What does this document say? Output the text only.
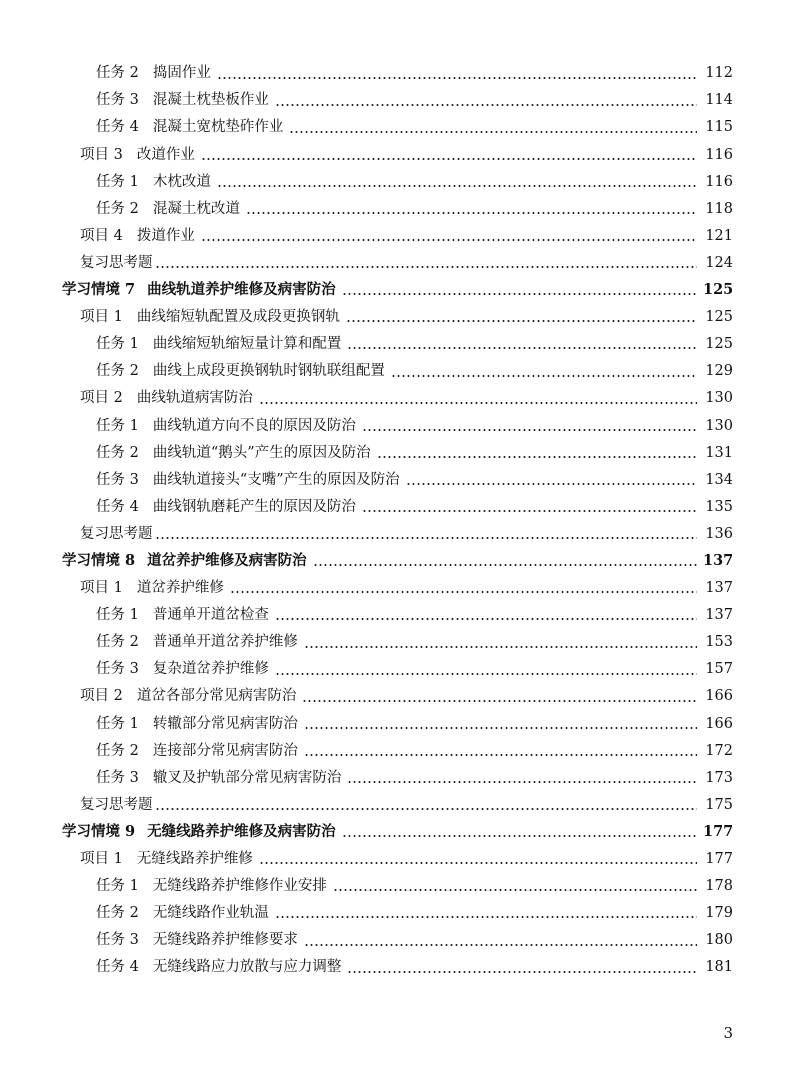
任务 2 捣固作业	112
任务 3 混凝土枕垫板作业	114
任务 4 混凝土宽枕垫砟作业	115
项目 3 改道作业	116
任务 1 木枕改道	116
任务 2 混凝土枕改道	118
项目 4 拨道作业	121
复习思考题	124
学习情境 7 曲线轨道养护维修及病害防治	125
项目 1 曲线缩短轨配置及成段更换钢轨	125
任务 1 曲线缩短轨缩短量计算和配置	125
任务 2 曲线上成段更换钢轨时钢轨联组配置	129
项目 2 曲线轨道病害防治	130
任务 1 曲线轨道方向不良的原因及防治	130
任务 2 曲线轨道“鹅头”产生的原因及防治	131
任务 3 曲线轨道接头“支嘴”产生的原因及防治	134
任务 4 曲线钢轨磨耗产生的原因及防治	135
复习思考题	136
学习情境 8 道岔养护维修及病害防治	137
项目 1 道岔养护维修	137
任务 1 普通单开道岔检查	137
任务 2 普通单开道岔养护维修	153
任务 3 复杂道岔养护维修	157
项目 2 道岔各部分常见病害防治	166
任务 1 转辙部分常见病害防治	166
任务 2 连接部分常见病害防治	172
任务 3 辙叉及护轨部分常见病害防治	173
复习思考题	175
学习情境 9 无缝线路养护维修及病害防治	177
项目 1 无缝线路养护维修	177
任务 1 无缝线路养护维修作业安排	178
任务 2 无缝线路作业轨温	179
任务 3 无缝线路养护维修要求	180
任务 4 无缝线路应力放散与应力调整	181
3
